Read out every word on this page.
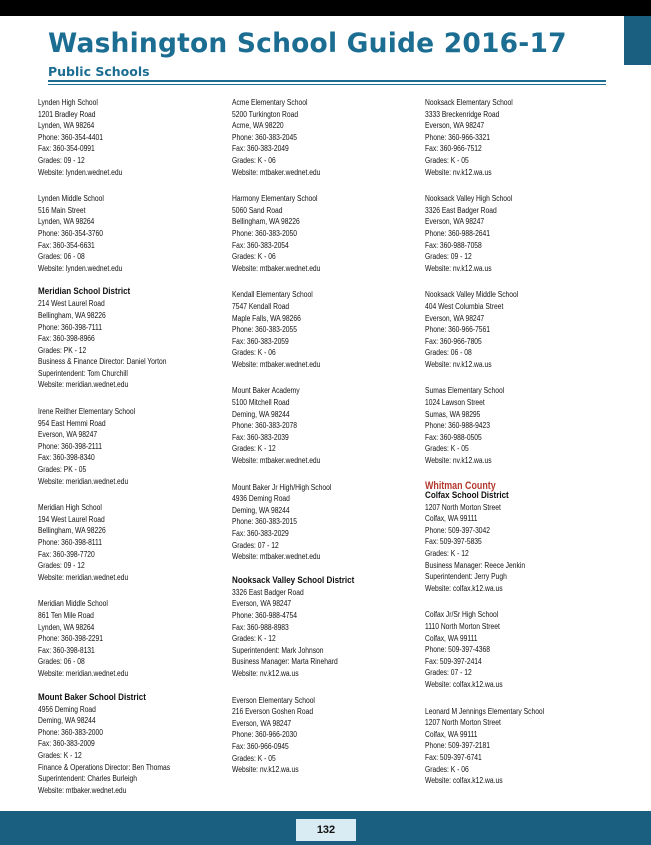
Washington School Guide 2016-17
Public Schools
Lynden High School
1201 Bradley Road
Lynden, WA 98264
Phone: 360-354-4401
Fax: 360-354-0991
Grades: 09 - 12
Website: lynden.wednet.edu
Lynden Middle School
516 Main Street
Lynden, WA 98264
Phone: 360-354-3760
Fax: 360-354-6631
Grades: 06 - 08
Website: lynden.wednet.edu
Meridian School District
214 West Laurel Road
Bellingham, WA 98226
Phone: 360-398-7111
Fax: 360-398-8966
Grades: PK - 12
Business & Finance Director: Daniel Yorton
Superintendent: Tom Churchill
Website: meridian.wednet.edu
Irene Reither Elementary School
954 East Hemmi Road
Everson, WA 98247
Phone: 360-398-2111
Fax: 360-398-8340
Grades: PK - 05
Website: meridian.wednet.edu
Meridian High School
194 West Laurel Road
Bellingham, WA 98226
Phone: 360-398-8111
Fax: 360-398-7720
Grades: 09 - 12
Website: meridian.wednet.edu
Meridian Middle School
861 Ten Mile Road
Lynden, WA 98264
Phone: 360-398-2291
Fax: 360-398-8131
Grades: 06 - 08
Website: meridian.wednet.edu
Mount Baker School District
4956 Deming Road
Deming, WA 98244
Phone: 360-383-2000
Fax: 360-383-2009
Grades: K - 12
Finance & Operations Director: Ben Thomas
Superintendent: Charles Burleigh
Website: mtbaker.wednet.edu
Acme Elementary School
5200 Turkington Road
Acme, WA 98220
Phone: 360-383-2045
Fax: 360-383-2049
Grades: K - 06
Website: mtbaker.wednet.edu
Harmony Elementary School
5060 Sand Road
Bellingham, WA 98226
Phone: 360-383-2050
Fax: 360-383-2054
Grades: K - 06
Website: mtbaker.wednet.edu
Kendall Elementary School
7547 Kendall Road
Maple Falls, WA 98266
Phone: 360-383-2055
Fax: 360-383-2059
Grades: K - 06
Website: mtbaker.wednet.edu
Mount Baker Academy
5100 Mitchell Road
Deming, WA 98244
Phone: 360-383-2078
Fax: 360-383-2039
Grades: K - 12
Website: mtbaker.wednet.edu
Mount Baker Jr High/High School
4936 Deming Road
Deming, WA 98244
Phone: 360-383-2015
Fax: 360-383-2029
Grades: 07 - 12
Website: mtbaker.wednet.edu
Nooksack Valley School District
3326 East Badger Road
Everson, WA 98247
Phone: 360-988-4754
Fax: 360-988-8983
Grades: K - 12
Superintendent: Mark Johnson
Business Manager: Marta Rinehard
Website: nv.k12.wa.us
Everson Elementary School
216 Everson Goshen Road
Everson, WA 98247
Phone: 360-966-2030
Fax: 360-966-0945
Grades: K - 05
Website: nv.k12.wa.us
Nooksack Elementary School
3333 Breckenridge Road
Everson, WA 98247
Phone: 360-966-3321
Fax: 360-966-7512
Grades: K - 05
Website: nv.k12.wa.us
Nooksack Valley High School
3326 East Badger Road
Everson, WA 98247
Phone: 360-988-2641
Fax: 360-988-7058
Grades: 09 - 12
Website: nv.k12.wa.us
Nooksack Valley Middle School
404 West Columbia Street
Everson, WA 98247
Phone: 360-966-7561
Fax: 360-966-7805
Grades: 06 - 08
Website: nv.k12.wa.us
Sumas Elementary School
1024 Lawson Street
Sumas, WA 98295
Phone: 360-988-9423
Fax: 360-988-0505
Grades: K - 05
Website: nv.k12.wa.us
Whitman County
Colfax School District
1207 North Morton Street
Colfax, WA 99111
Phone: 509-397-3042
Fax: 509-397-5835
Grades: K - 12
Business Manager: Reece Jenkin
Superintendent: Jerry Pugh
Website: colfax.k12.wa.us
Colfax Jr/Sr High School
1110 North Morton Street
Colfax, WA 99111
Phone: 509-397-4368
Fax: 509-397-2414
Grades: 07 - 12
Website: colfax.k12.wa.us
Leonard M Jennings Elementary School
1207 North Morton Street
Colfax, WA 99111
Phone: 509-397-2181
Fax: 509-397-6741
Grades: K - 06
Website: colfax.k12.wa.us
132
